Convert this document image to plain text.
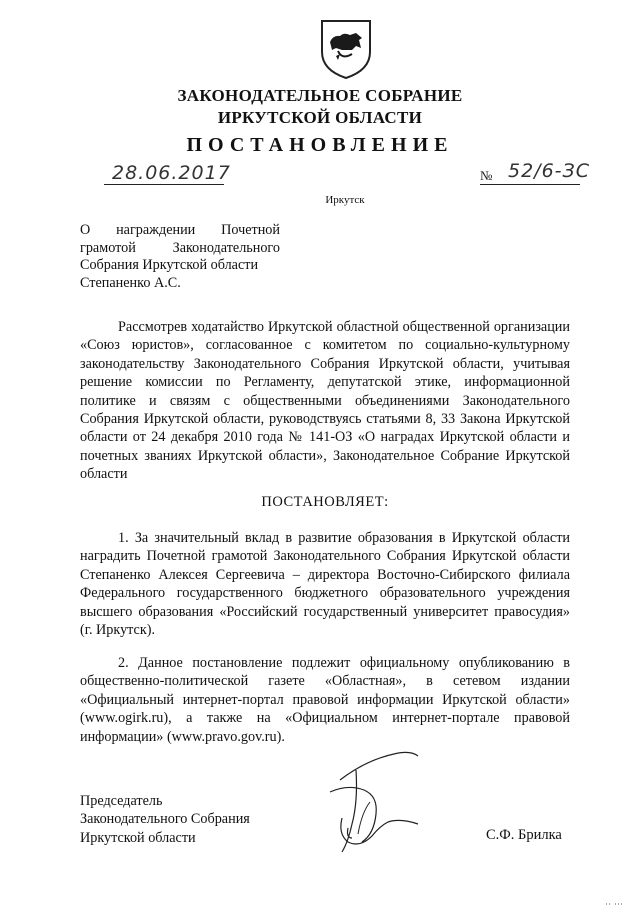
ЗАКОНОДАТЕЛЬНОЕ СОБРАНИЕ
ИРКУТСКОЙ ОБЛАСТИ
ПОСТАНОВЛЕНИЕ
28.06.2017	№ 52/6-ЗС
Иркутск
О награждении Почетной
грамотой Законодательного
Собрания Иркутской области
Степаненко А.С.
Рассмотрев ходатайство Иркутской областной общественной организации «Союз юристов», согласованное с комитетом по социально-культурному законодательству Законодательного Собрания Иркутской области, учитывая решение комиссии по Регламенту, депутатской этике, информационной политике и связям с общественными объединениями Законодательного Собрания Иркутской области, руководствуясь статьями 8, 33 Закона Иркутской области от 24 декабря 2010 года № 141-ОЗ «О наградах Иркутской области и почетных званиях Иркутской области», Законодательное Собрание Иркутской области
ПОСТАНОВЛЯЕТ:
1. За значительный вклад в развитие образования в Иркутской области наградить Почетной грамотой Законодательного Собрания Иркутской области Степаненко Алексея Сергеевича – директора Восточно-Сибирского филиала Федерального государственного бюджетного образовательного учреждения высшего образования «Российский государственный университет правосудия» (г. Иркутск).
2. Данное постановление подлежит официальному опубликованию в общественно-политической газете «Областная», в сетевом издании «Официальный интернет-портал правовой информации Иркутской области» (www.ogirk.ru), а также на «Официальном интернет-портале правовой информации» (www.pravo.gov.ru).
Председатель
Законодательного Собрания
Иркутской области	С.Ф. Брилка
